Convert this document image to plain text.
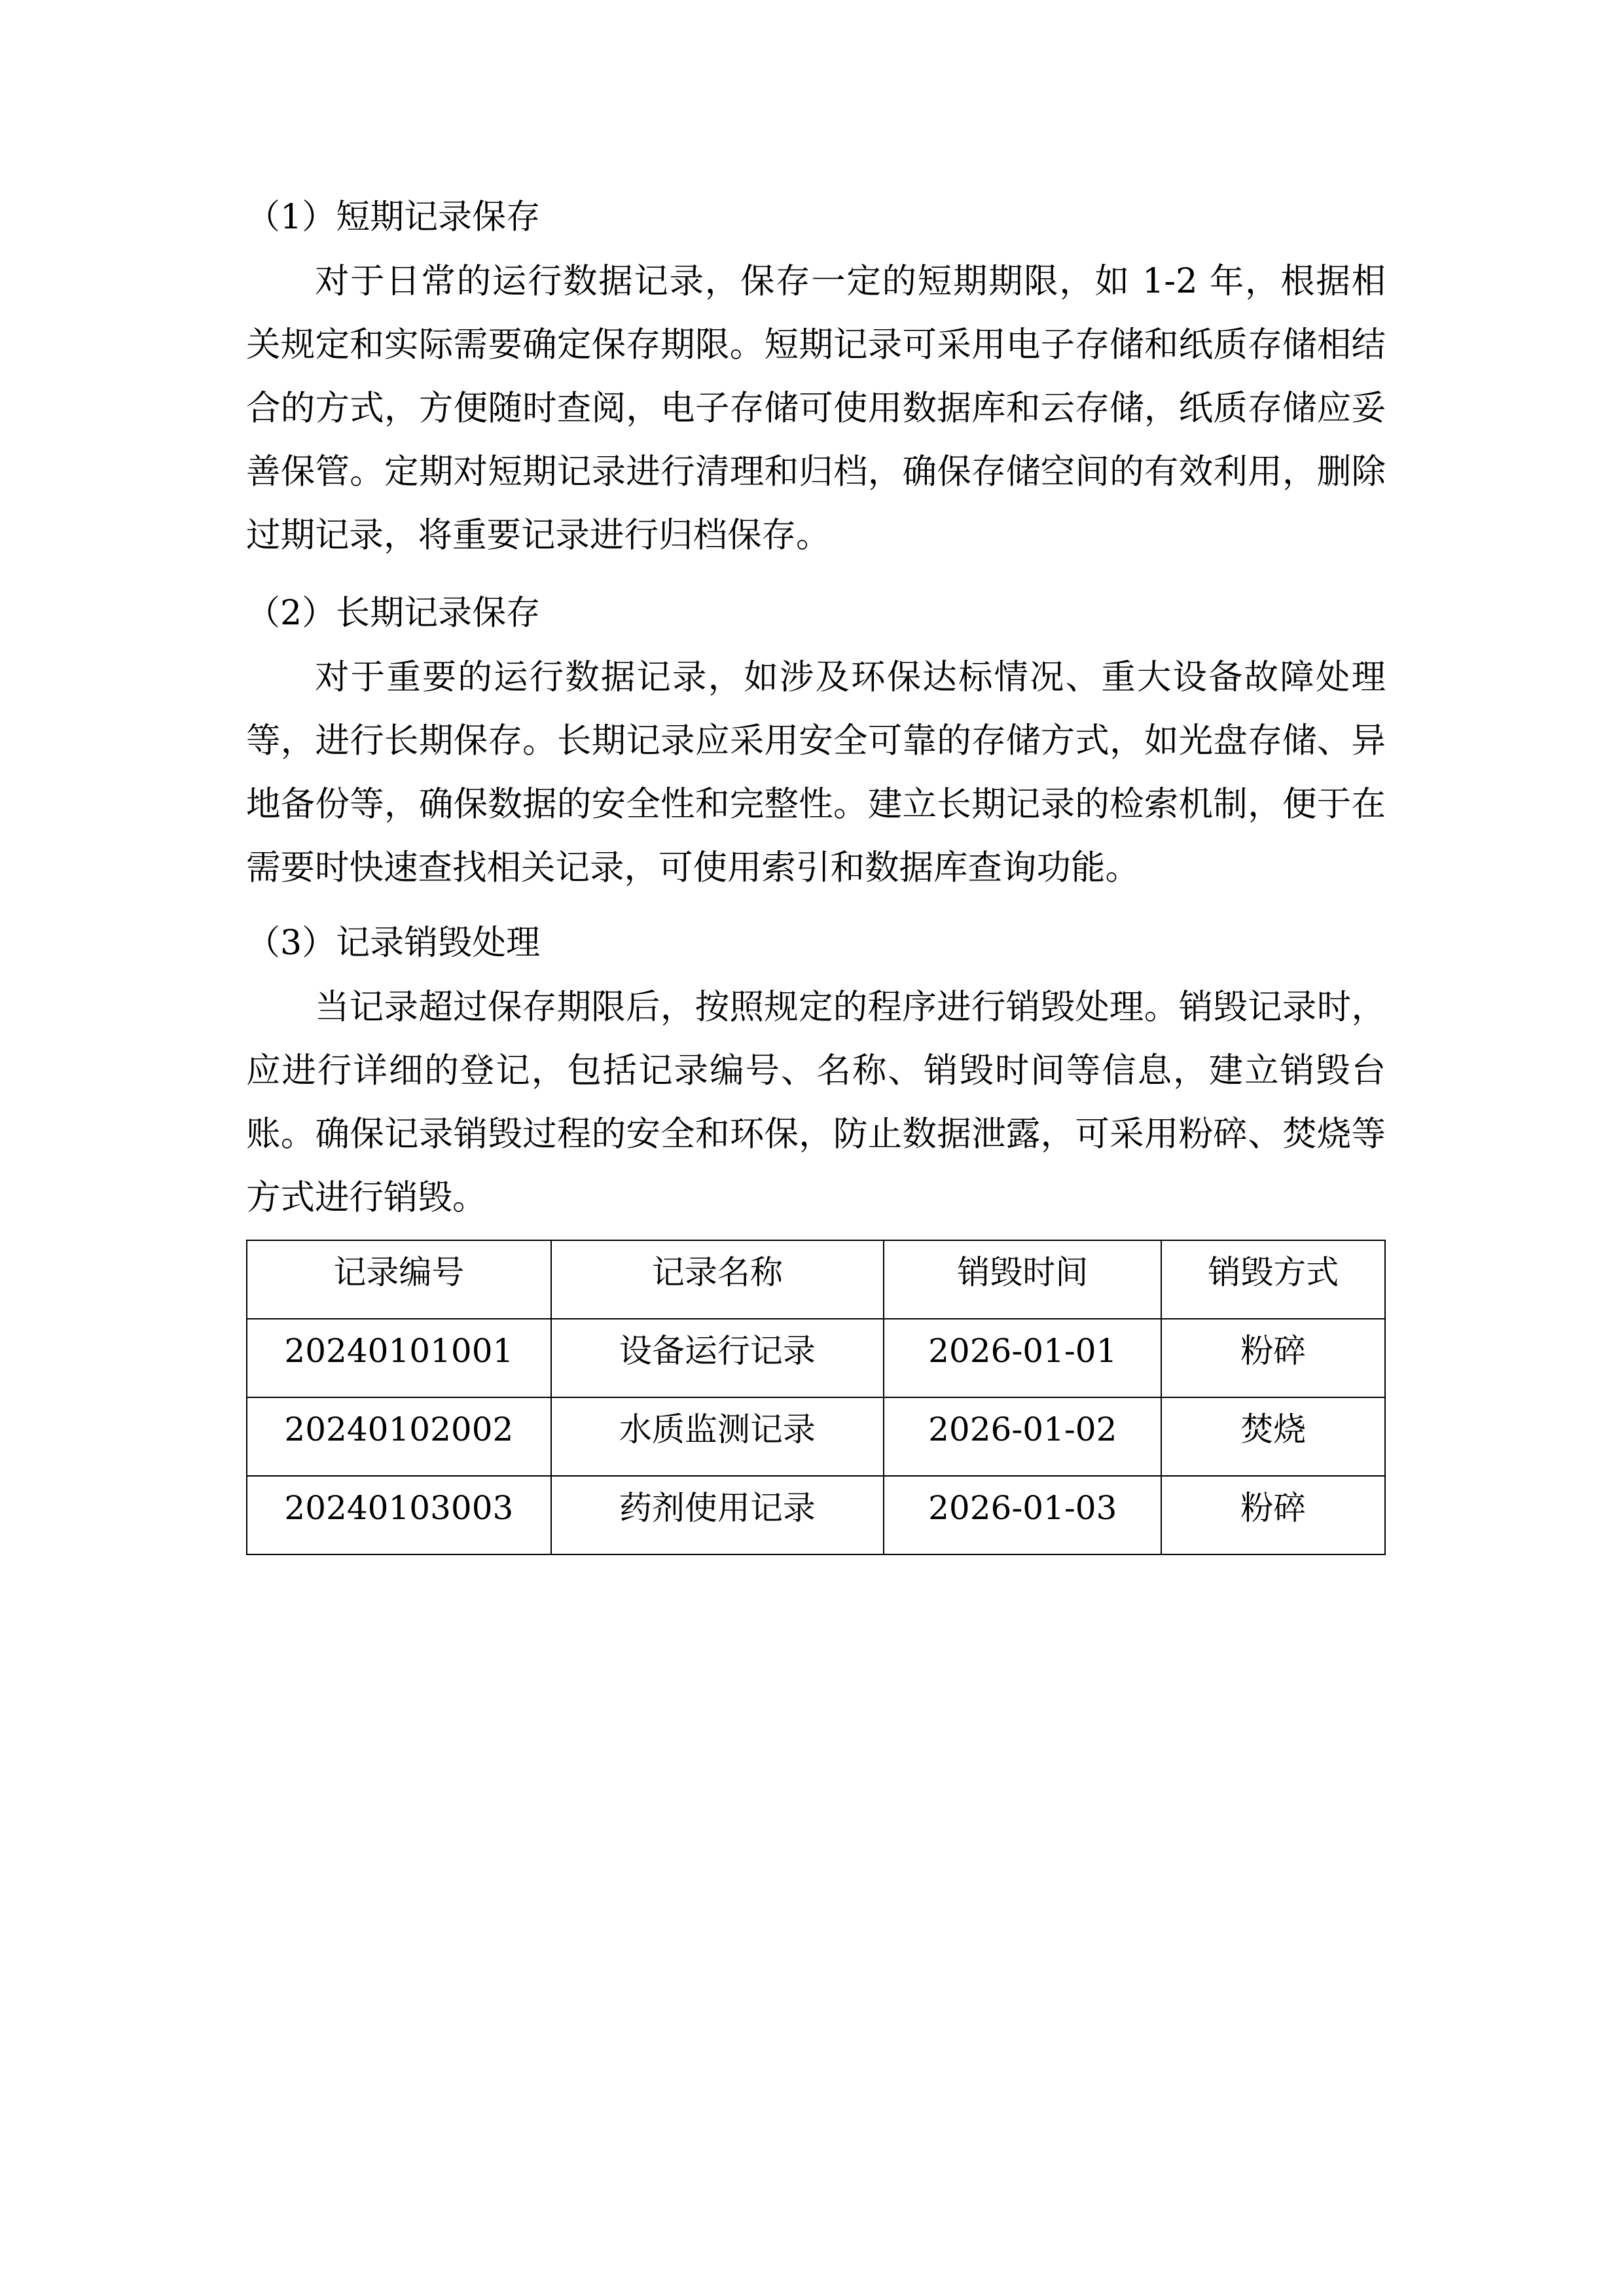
（1）短期记录保存

对于日常的运行数据记录，保存一定的短期期限，如 1-2 年，根据相关规定和实际需要确定保存期限。短期记录可采用电子存储和纸质存储相结合的方式，方便随时查阅，电子存储可使用数据库和云存储，纸质存储应妥善保管。定期对短期记录进行清理和归档，确保存储空间的有效利用，删除过期记录，将重要记录进行归档保存。

（2）长期记录保存

对于重要的运行数据记录，如涉及环保达标情况、重大设备故障处理等，进行长期保存。长期记录应采用安全可靠的存储方式，如光盘存储、异地备份等，确保数据的安全性和完整性。建立长期记录的检索机制，便于在需要时快速查找相关记录，可使用索引和数据库查询功能。

（3）记录销毁处理

当记录超过保存期限后，按照规定的程序进行销毁处理。销毁记录时，应进行详细的登记，包括记录编号、名称、销毁时间等信息，建立销毁台账。确保记录销毁过程的安全和环保，防止数据泄露，可采用粉碎、焚烧等方式进行销毁。

记录编号	记录名称	销毁时间	销毁方式
20240101001	设备运行记录	2026-01-01	粉碎
20240102002	水质监测记录	2026-01-02	焚烧
20240103003	药剂使用记录	2026-01-03	粉碎
